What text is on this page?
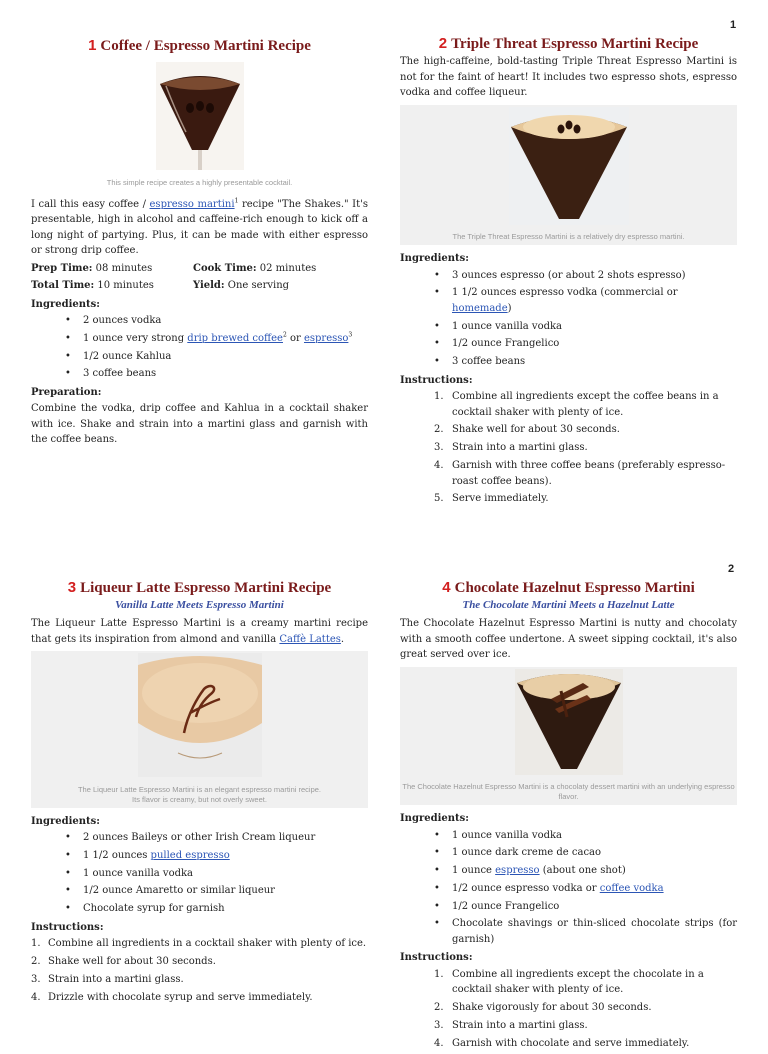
1
2
1 Coffee / Espresso Martini Recipe
This simple recipe creates a highly presentable cocktail.

I call this easy coffee / espresso martini$^1$ recipe "The Shakes." It's presentable, high in alcohol and caffeine-rich enough to kick off a long night of partying. Plus, it can be made with either espresso or strong drip coffee.

Prep Time: 08 minutes	Cook Time: 02 minutes
Total Time: 10 minutes	Yield: One serving
Ingredients:
• 2 ounces vodka
• 1 ounce very strong drip brewed coffee$^2$ or espresso$^3$
• 1/2 ounce Kahlua
• 3 coffee beans
Preparation:

Combine the vodka, drip coffee and Kahlua in a cocktail shaker with ice. Shake and strain into a martini glass and garnish with the coffee beans.

2 Triple Threat Espresso Martini Recipe

The high-caffeine, bold-tasting Triple Threat Espresso Martini is not for the faint of heart! It includes two espresso shots, espresso vodka and coffee liqueur.

The Triple Threat Espresso Martini is a relatively dry espresso martini.
Ingredients:
• 3 ounces espresso (or about 2 shots espresso)
• 1 1/2 ounces espresso vodka (commercial or homemade)
• 1 ounce vanilla vodka
• 1/2 ounce Frangelico
• 3 coffee beans
Instructions:
1. Combine all ingredients except the coffee beans in a cocktail shaker with plenty of ice.
2. Shake well for about 30 seconds.
3. Strain into a martini glass.
4. Garnish with three coffee beans (preferably espresso-roast coffee beans).
5. Serve immediately.
3 Liqueur Latte Espresso Martini Recipe
Vanilla Latte Meets Espresso Martini

The Liqueur Latte Espresso Martini is a creamy martini recipe that gets its inspiration from almond and vanilla Caffè Lattes.

The Liqueur Latte Espresso Martini is an elegant espresso martini recipe.
Its flavor is creamy, but not overly sweet.
Ingredients:
• 2 ounces Baileys or other Irish Cream liqueur
• 1 1/2 ounces pulled espresso
• 1 ounce vanilla vodka
• 1/2 ounce Amaretto or similar liqueur
• Chocolate syrup for garnish
Instructions:
1. Combine all ingredients in a cocktail shaker with plenty of ice.
2. Shake well for about 30 seconds.
3. Strain into a martini glass.
4. Drizzle with chocolate syrup and serve immediately.
4 Chocolate Hazelnut Espresso Martini
The Chocolate Martini Meets a Hazelnut Latte

The Chocolate Hazelnut Espresso Martini is nutty and chocolaty with a smooth coffee undertone. A sweet sipping cocktail, it's also great served over ice.

The Chocolate Hazelnut Espresso Martini is a chocolaty dessert martini with an underlying espresso flavor.
Ingredients:
• 1 ounce vanilla vodka
• 1 ounce dark creme de cacao
• 1 ounce espresso (about one shot)
• 1/2 ounce espresso vodka or coffee vodka
• 1/2 ounce Frangelico
• Chocolate shavings or thin-sliced chocolate strips (for garnish)
Instructions:
1. Combine all ingredients except the chocolate in a cocktail shaker with plenty of ice.
2. Shake vigorously for about 30 seconds.
3. Strain into a martini glass.
4. Garnish with chocolate and serve immediately.
